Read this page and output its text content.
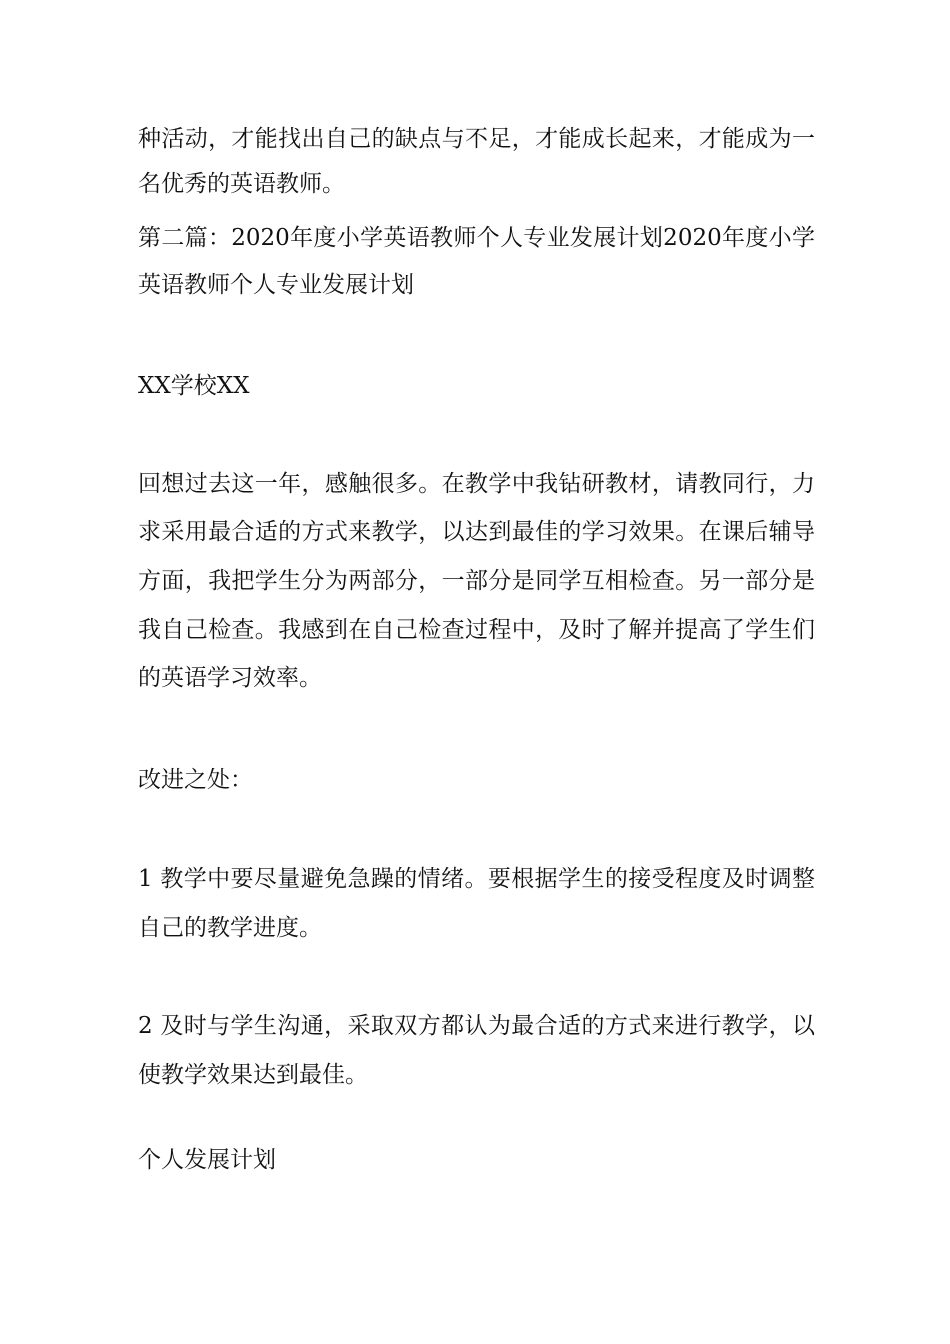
种活动，才能找出自己的缺点与不足，才能成长起来，才能成为一

名优秀的英语教师。

第二篇：2020年度小学英语教师个人专业发展计划2020年度小学

英语教师个人专业发展计划

XX学校XX

回想过去这一年，感触很多。在教学中我钻研教材，请教同行，力

求采用最合适的方式来教学，以达到最佳的学习效果。在课后辅导

方面，我把学生分为两部分，一部分是同学互相检查。另一部分是

我自己检查。我感到在自己检查过程中，及时了解并提高了学生们

的英语学习效率。

改进之处：

1 教学中要尽量避免急躁的情绪。要根据学生的接受程度及时调整

自己的教学进度。

2 及时与学生沟通，采取双方都认为最合适的方式来进行教学，以

使教学效果达到最佳。

个人发展计划
